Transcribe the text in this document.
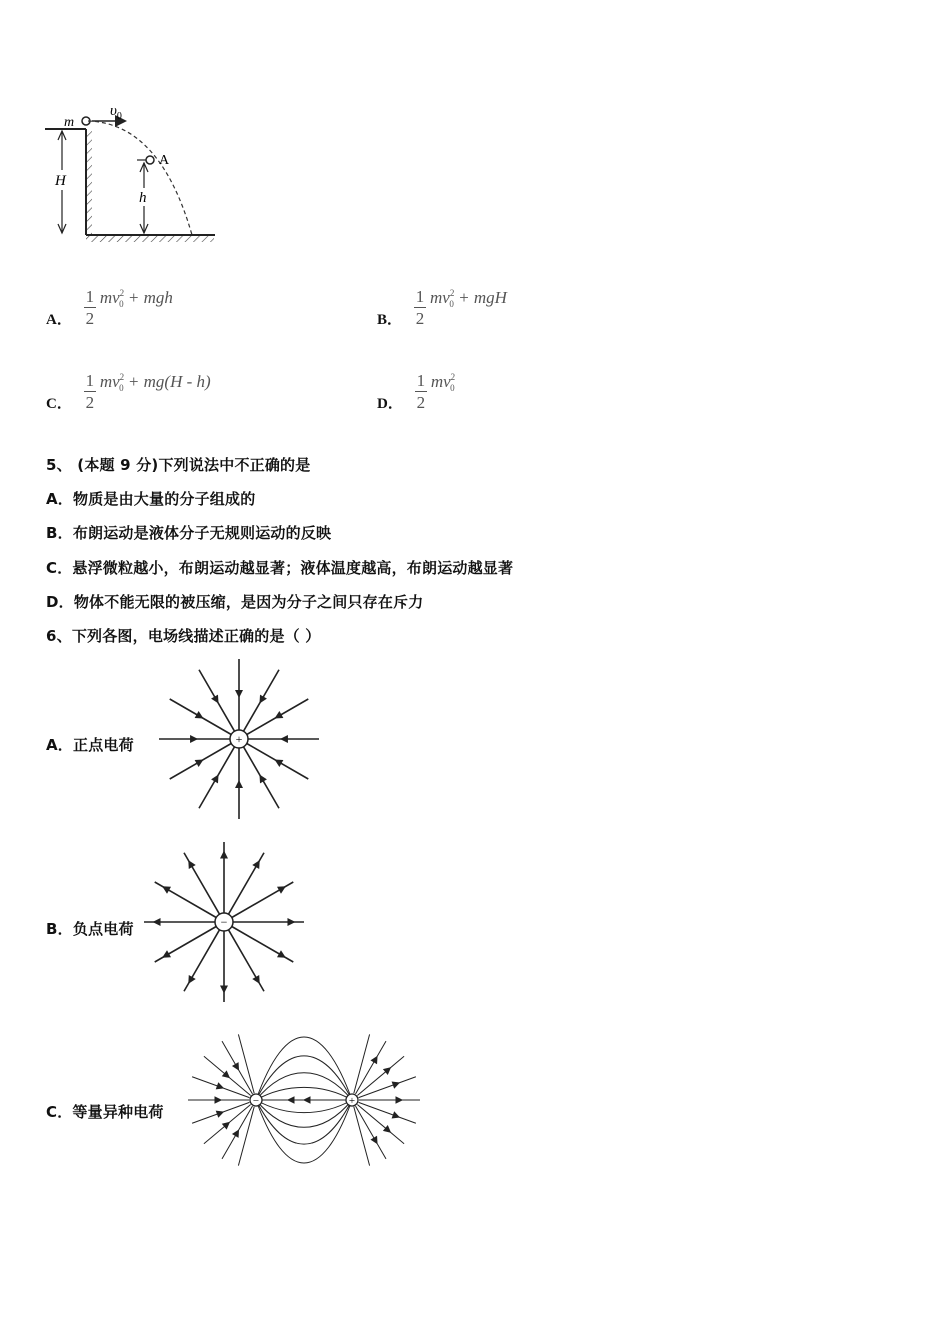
m
$\upsilon_0$
A
H
h
A． $\frac{1}{2} mv^2_0$ + mgh
B． $\frac{1}{2} mv^2_0$ + mgH
C． $\frac{1}{2} mv^2_0 + mg(H - h)$
D． $\frac{1}{2} mv^2_0$
5、 (本题 9 分)下列说法中不正确的是
A．物质是由大量的分子组成的
B．布朗运动是液体分子无规则运动的反映
C．悬浮微粒越小，布朗运动越显著；液体温度越高，布朗运动越显著
D．物体不能无限的被压缩，是因为分子之间只存在斥力
6、下列各图，电场线描述正确的是（ ）
A．正点电荷	+
B．负点电荷	−
C．等量异种电荷
−	+
